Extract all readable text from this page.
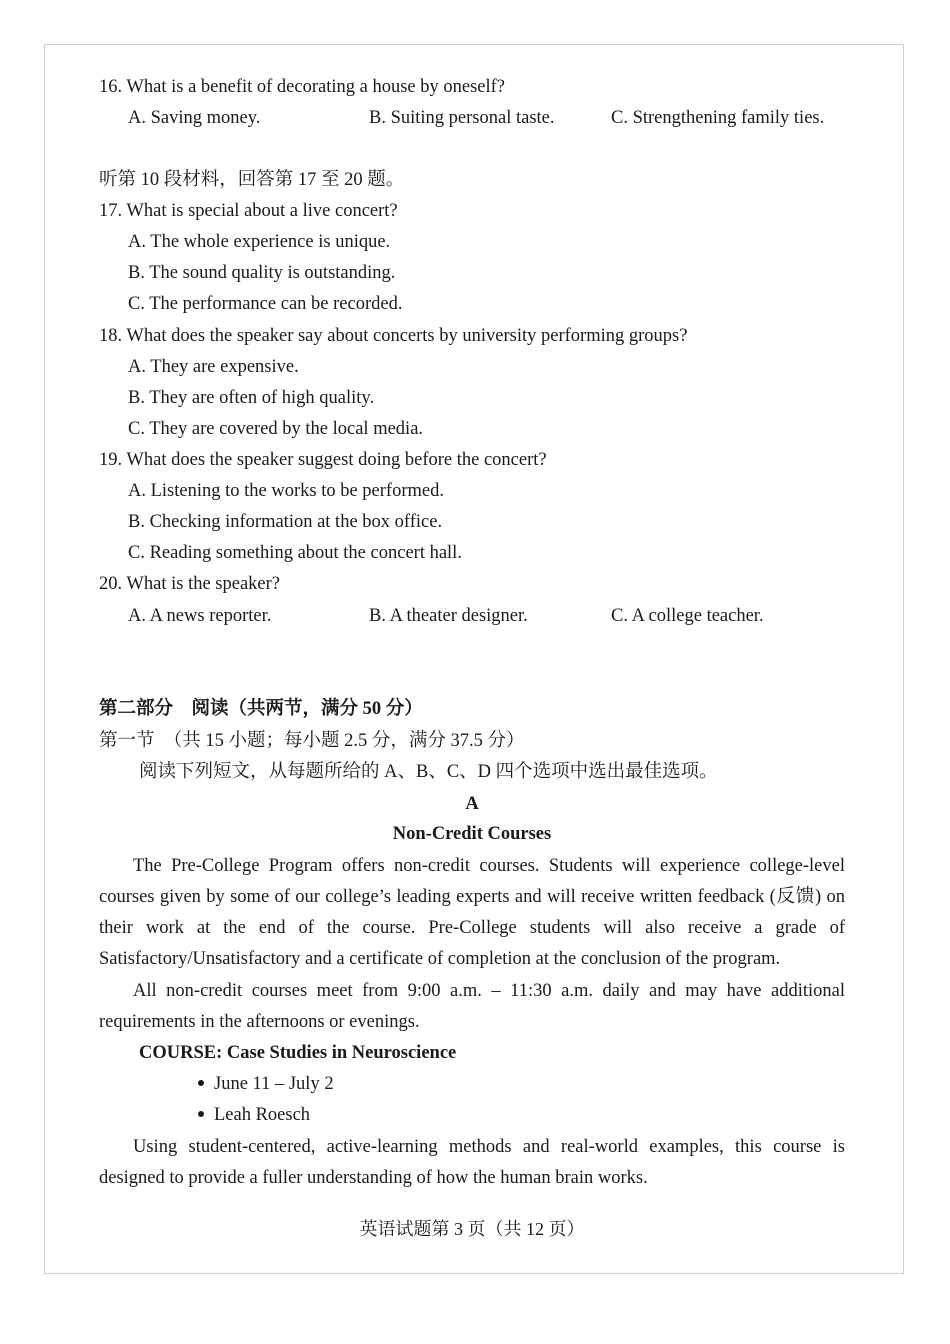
16. What is a benefit of decorating a house by oneself?
A. Saving money.	B. Suiting personal taste.	C. Strengthening family ties.
听第 10 段材料，回答第 17 至 20 题。
17. What is special about a live concert?
A. The whole experience is unique.
B. The sound quality is outstanding.
C. The performance can be recorded.
18. What does the speaker say about concerts by university performing groups?
A. They are expensive.
B. They are often of high quality.
C. They are covered by the local media.
19. What does the speaker suggest doing before the concert?
A. Listening to the works to be performed.
B. Checking information at the box office.
C. Reading something about the concert hall.
20. What is the speaker?
A. A news reporter.	B. A theater designer.	C. A college teacher.
第二部分　阅读（共两节，满分 50 分）
第一节　（共 15 小题；每小题 2.5 分，满分 37.5 分）
阅读下列短文，从每题所给的 A、B、C、D 四个选项中选出最佳选项。
A
Non-Credit Courses
The Pre-College Program offers non-credit courses. Students will experience college-level courses given by some of our college’s leading experts and will receive written feedback (反馈) on their work at the end of the course. Pre-College students will also receive a grade of Satisfactory/Unsatisfactory and a certificate of completion at the conclusion of the program.
All non-credit courses meet from 9:00 a.m. – 11:30 a.m. daily and may have additional requirements in the afternoons or evenings.
COURSE: Case Studies in Neuroscience
June 11 – July 2
Leah Roesch
Using student-centered, active-learning methods and real-world examples, this course is designed to provide a fuller understanding of how the human brain works.
英语试题第 3 页（共 12 页）
